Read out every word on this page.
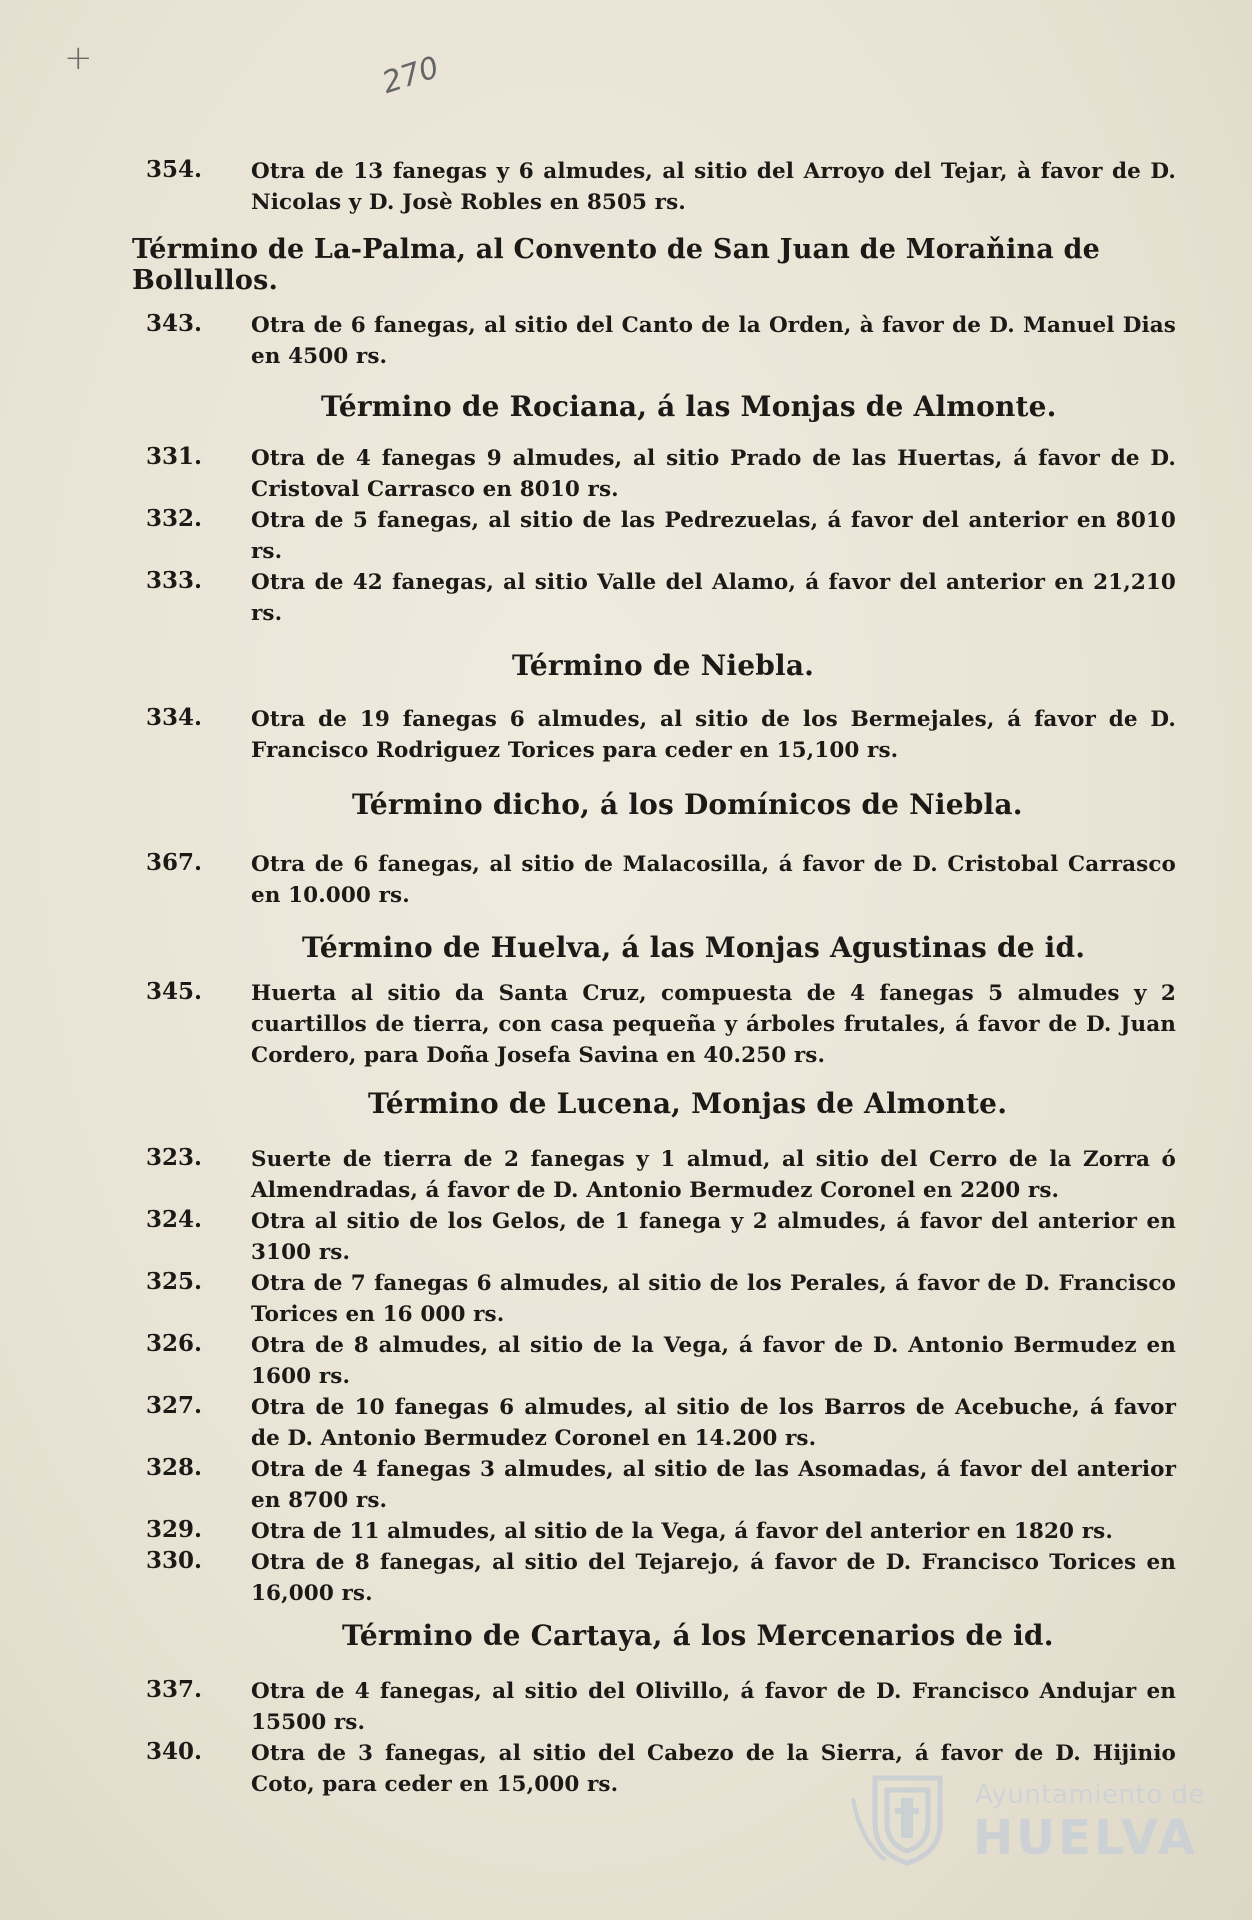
+	270
354. Otra de 13 fanegas y 6 almudes, al sitio del Arroyo del Tejar, à favor de D. Nicolas y D. Josè Robles en 8505 rs.
Término de La-Palma, al Convento de San Juan de Moraňina de Bollullos.
343. Otra de 6 fanegas, al sitio del Canto de la Orden, à favor de D. Manuel Dias en 4500 rs.
Término de Rociana, á las Monjas de Almonte.
331. Otra de 4 fanegas 9 almudes, al sitio Prado de las Huertas, á favor de D. Cristoval Carrasco en 8010 rs.
332. Otra de 5 fanegas, al sitio de las Pedrezuelas, á favor del anterior en 8010 rs.
333. Otra de 42 fanegas, al sitio Valle del Alamo, á favor del anterior en 21,210 rs.
Término de Niebla.
334. Otra de 19 fanegas 6 almudes, al sitio de los Bermejales, á favor de D. Francisco Rodriguez Torices para ceder en 15,100 rs.
Término dicho, á los Domínicos de Niebla.
367. Otra de 6 fanegas, al sitio de Malacosilla, á favor de D. Cristobal Carrasco en 10.000 rs.
Término de Huelva, á las Monjas Agustinas de id.
345. Huerta al sitio da Santa Cruz, compuesta de 4 fanegas 5 almudes y 2 cuartillos de tierra, con casa pequeña y árboles frutales, á favor de D. Juan Cordero, para Doña Josefa Savina en 40.250 rs.
Término de Lucena, Monjas de Almonte.
323. Suerte de tierra de 2 fanegas y 1 almud, al sitio del Cerro de la Zorra ó Almendradas, á favor de D. Antonio Bermudez Coronel en 2200 rs.
324. Otra al sitio de los Gelos, de 1 fanega y 2 almudes, á favor del anterior en 3100 rs.
325. Otra de 7 fanegas 6 almudes, al sitio de los Perales, á favor de D. Francisco Torices en 16 000 rs.
326. Otra de 8 almudes, al sitio de la Vega, á favor de D. Antonio Bermudez en 1600 rs.
327. Otra de 10 fanegas 6 almudes, al sitio de los Barros de Acebuche, á favor de D. Antonio Bermudez Coronel en 14.200 rs.
328. Otra de 4 fanegas 3 almudes, al sitio de las Asomadas, á favor del anterior en 8700 rs.
329. Otra de 11 almudes, al sitio de la Vega, á favor del anterior en 1820 rs.
330. Otra de 8 fanegas, al sitio del Tejarejo, á favor de D. Francisco Torices en 16,000 rs.
Término de Cartaya, á los Mercenarios de id.
337. Otra de 4 fanegas, al sitio del Olivillo, á favor de D. Francisco Andujar en 15500 rs.
340. Otra de 3 fanegas, al sitio del Cabezo de la Sierra, á favor de D. Hijinio Coto, para ceder en 15,000 rs.	Ayuntamiento de
HUELVA
